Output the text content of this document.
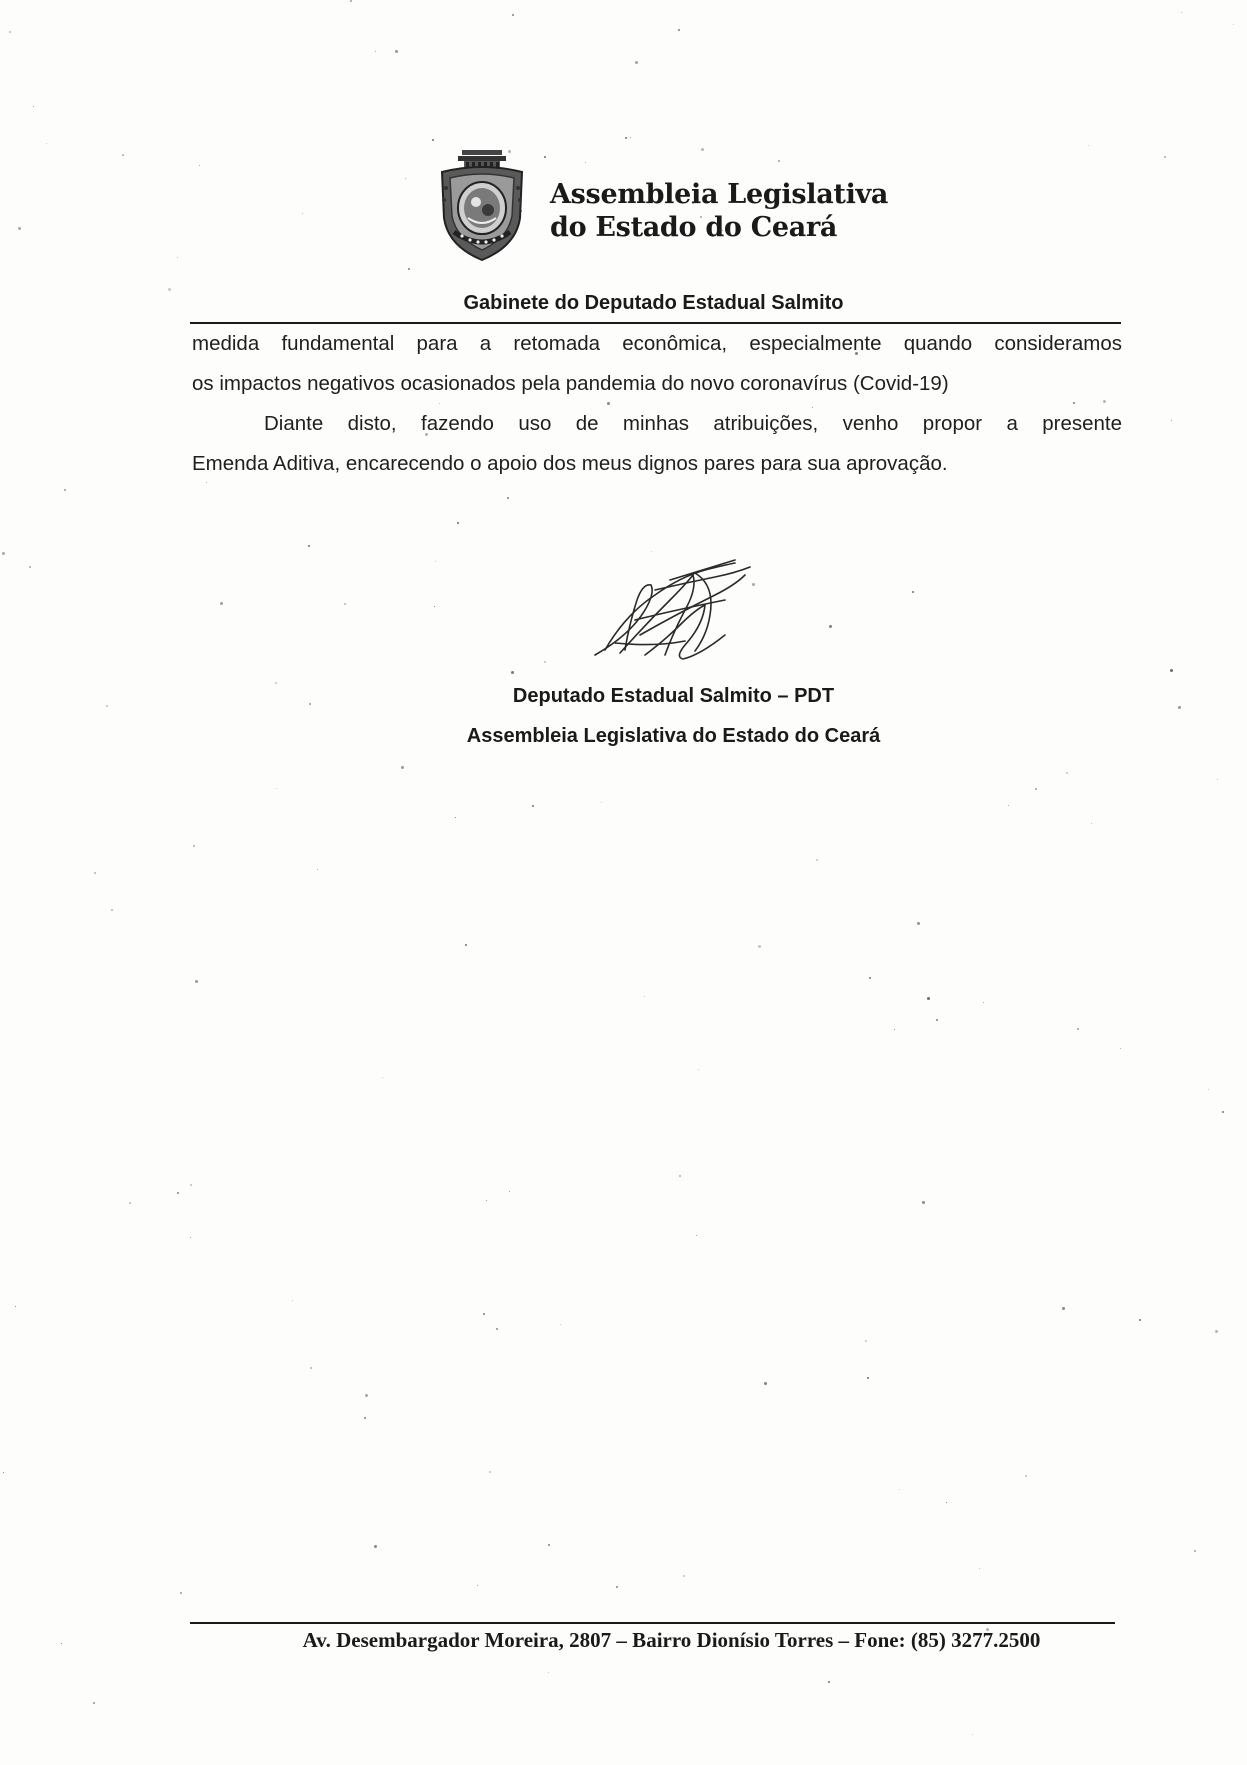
Assembleia Legislativa
do Estado do Ceará
Gabinete do Deputado Estadual Salmito
medida fundamental para a retomada econômica, especialmente quando consideramos
os impactos negativos ocasionados pela pandemia do novo coronavírus (Covid-19)
Diante disto, fazendo uso de minhas atribuições, venho propor a presente
Emenda Aditiva, encarecendo o apoio dos meus dignos pares para sua aprovação.
Deputado Estadual Salmito – PDT
Assembleia Legislativa do Estado do Ceará
Av. Desembargador Moreira, 2807 – Bairro Dionísio Torres – Fone: (85) 3277.2500
